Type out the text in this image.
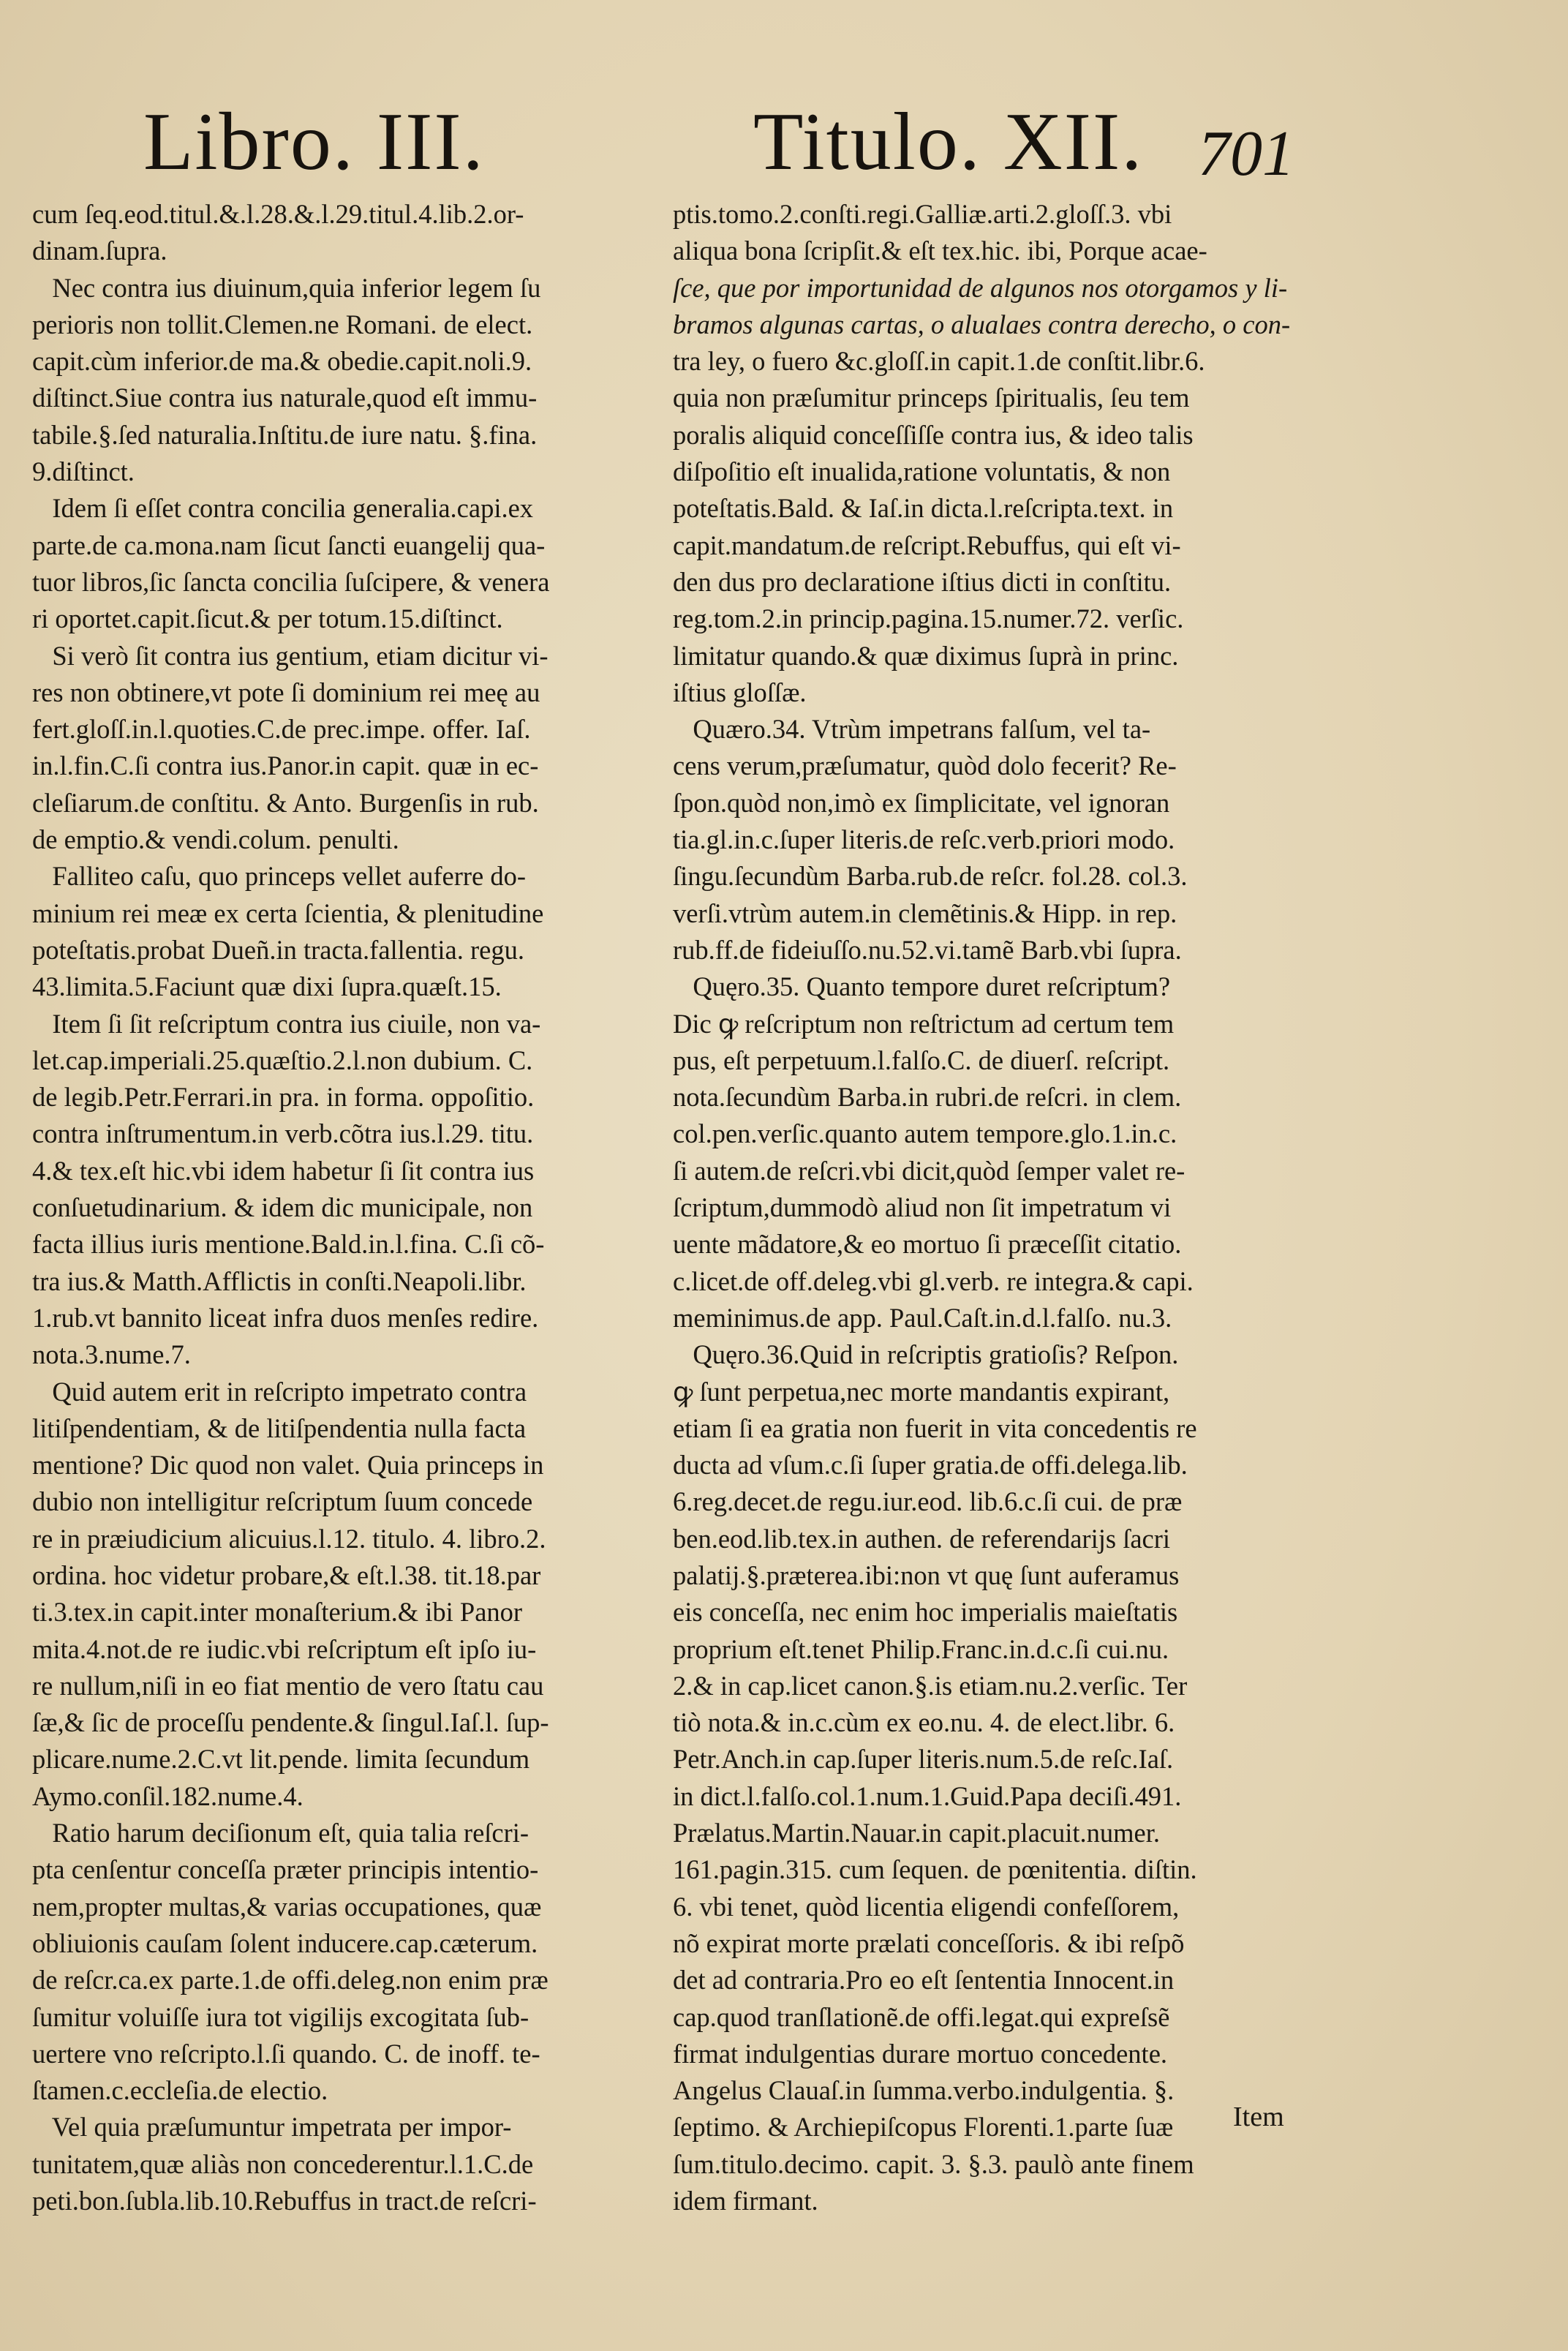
Libro. III.	Titulo. XII. 701
cum ſeq.eod.titul.&.l.28.&.l.29.titul.4.lib.2.or-
dinam.ſupra.
Nec contra ius diuinum,quia inferior legem ſu
perioris non tollit.Clemen.ne Romani. de elect.
capit.cùm inferior.de ma.& obedie.capit.noli.9.
diſtinct.Siue contra ius naturale,quod eſt immu-
tabile.§.ſed naturalia.Inſtitu.de iure natu. §.fina.
9.diſtinct.
Idem ſi eſſet contra concilia generalia.capi.ex
parte.de ca.mona.nam ſicut ſancti euangelij qua-
tuor libros,ſic ſancta concilia ſuſcipere, & venera
ri oportet.capit.ſicut.& per totum.15.diſtinct.
Si verò ſit contra ius gentium, etiam dicitur vi-
res non obtinere,vt pote ſi dominium rei meę au
fert.gloſſ.in.l.quoties.C.de prec.impe. offer. Iaſ.
in.l.fin.C.ſi contra ius.Panor.in capit. quæ in ec-
cleſiarum.de conſtitu. & Anto. Burgenſis in rub.
de emptio.& vendi.colum. penulti.
Falliteo caſu, quo princeps vellet auferre do-
minium rei meæ ex certa ſcientia, & plenitudine
poteſtatis.probat Dueñ.in tracta.fallentia. regu.
43.limita.5.Faciunt quæ dixi ſupra.quæſt.15.
Item ſi ſit reſcriptum contra ius ciuile, non va-
let.cap.imperiali.25.quæſtio.2.l.non dubium. C.
de legib.Petr.Ferrari.in pra. in forma. oppoſitio.
contra inſtrumentum.in verb.cõtra ius.l.29. titu.
4.& tex.eſt hic.vbi idem habetur ſi ſit contra ius
conſuetudinarium. & idem dic municipale, non
facta illius iuris mentione.Bald.in.l.fina. C.ſi cõ-
tra ius.& Matth.Afflictis in conſti.Neapoli.libr.
1.rub.vt bannito liceat infra duos menſes redire.
nota.3.nume.7.
Quid autem erit in reſcripto impetrato contra
litiſpendentiam, & de litiſpendentia nulla facta
mentione? Dic quod non valet. Quia princeps in
dubio non intelligitur reſcriptum ſuum concede
re in præiudicium alicuius.l.12. titulo. 4. libro.2.
ordina. hoc videtur probare,& eſt.l.38. tit.18.par
ti.3.tex.in capit.inter monaſterium.& ibi Panor
mita.4.not.de re iudic.vbi reſcriptum eſt ipſo iu-
re nullum,niſi in eo fiat mentio de vero ſtatu cau
ſæ,& ſic de proceſſu pendente.& ſingul.Iaſ.l. ſup-
plicare.nume.2.C.vt lit.pende. limita ſecundum
Aymo.conſil.182.nume.4.
Ratio harum deciſionum eſt, quia talia reſcri-
pta cenſentur conceſſa præter principis intentio-
nem,propter multas,& varias occupationes, quæ
obliuionis cauſam ſolent inducere.cap.cæterum.
de reſcr.ca.ex parte.1.de offi.deleg.non enim præ
ſumitur voluiſſe iura tot vigilijs excogitata ſub-
uertere vno reſcripto.l.ſi quando. C. de inoff. te-
ſtamen.c.eccleſia.de electio.
Vel quia præſumuntur impetrata per impor-
tunitatem,quæ aliàs non concederentur.l.1.C.de
peti.bon.ſubla.lib.10.Rebuffus in tract.de reſcri-
ptis.tomo.2.conſti.regi.Galliæ.arti.2.gloſſ.3. vbi
aliqua bona ſcripſit.& eſt tex.hic. ibi, Porque acae-
ſce, que por importunidad de algunos nos otorgamos y li-
bramos algunas cartas, o alualaes contra derecho, o con-
tra ley, o fuero &c.gloſſ.in capit.1.de conſtit.libr.6.
quia non præſumitur princeps ſpiritualis, ſeu tem
poralis aliquid conceſſiſſe contra ius, & ideo talis
diſpoſitio eſt inualida,ratione voluntatis, & non
poteſtatis.Bald. & Iaſ.in dicta.l.reſcripta.text. in
capit.mandatum.de reſcript.Rebuffus, qui eſt vi-
den dus pro declaratione iſtius dicti in conſtitu.
reg.tom.2.in princip.pagina.15.numer.72. verſic.
limitatur quando.& quæ diximus ſuprà in princ.
iſtius gloſſæ.
Quæro.34. Vtrùm impetrans falſum, vel ta-
cens verum,præſumatur, quòd dolo fecerit? Re-
ſpon.quòd non,imò ex ſimplicitate, vel ignoran
tia.gl.in.c.ſuper literis.de reſc.verb.priori modo.
ſingu.ſecundùm Barba.rub.de reſcr. fol.28. col.3.
verſi.vtrùm autem.in clemẽtinis.& Hipp. in rep.
rub.ff.de fideiuſſo.nu.52.vi.tamẽ Barb.vbi ſupra.
Quęro.35. Quanto tempore duret reſcriptum?
Dic ꝙ reſcriptum non reſtrictum ad certum tem
pus, eſt perpetuum.l.falſo.C. de diuerſ. reſcript.
nota.ſecundùm Barba.in rubri.de reſcri. in clem.
col.pen.verſic.quanto autem tempore.glo.1.in.c.
ſi autem.de reſcri.vbi dicit,quòd ſemper valet re-
ſcriptum,dummodò aliud non ſit impetratum vi
uente mãdatore,& eo mortuo ſi præceſſit citatio.
c.licet.de off.deleg.vbi gl.verb. re integra.& capi.
meminimus.de app. Paul.Caſt.in.d.l.falſo. nu.3.
Quęro.36.Quid in reſcriptis gratioſis? Reſpon.
ꝙ ſunt perpetua,nec morte mandantis expirant,
etiam ſi ea gratia non fuerit in vita concedentis re
ducta ad vſum.c.ſi ſuper gratia.de offi.delega.lib.
6.reg.decet.de regu.iur.eod. lib.6.c.ſi cui. de præ
ben.eod.lib.tex.in authen. de referendarijs ſacri
palatij.§.præterea.ibi:non vt quę ſunt auferamus
eis conceſſa, nec enim hoc imperialis maieſtatis
proprium eſt.tenet Philip.Franc.in.d.c.ſi cui.nu.
2.& in cap.licet canon.§.is etiam.nu.2.verſic. Ter
tiò nota.& in.c.cùm ex eo.nu. 4. de elect.libr. 6.
Petr.Anch.in cap.ſuper literis.num.5.de reſc.Iaſ.
in dict.l.falſo.col.1.num.1.Guid.Papa deciſi.491.
Prælatus.Martin.Nauar.in capit.placuit.numer.
161.pagin.315. cum ſequen. de pœnitentia. diſtin.
6. vbi tenet, quòd licentia eligendi confeſſorem,
nõ expirat morte prælati conceſſoris. & ibi reſpõ
det ad contraria.Pro eo eſt ſententia Innocent.in
cap.quod tranſlationẽ.de offi.legat.qui expreſsẽ
firmat indulgentias durare mortuo concedente.
Angelus Clauaſ.in ſumma.verbo.indulgentia. §.
ſeptimo. & Archiepiſcopus Florenti.1.parte ſuæ
ſum.titulo.decimo. capit. 3. §.3. paulò ante finem
idem firmant.
Item
